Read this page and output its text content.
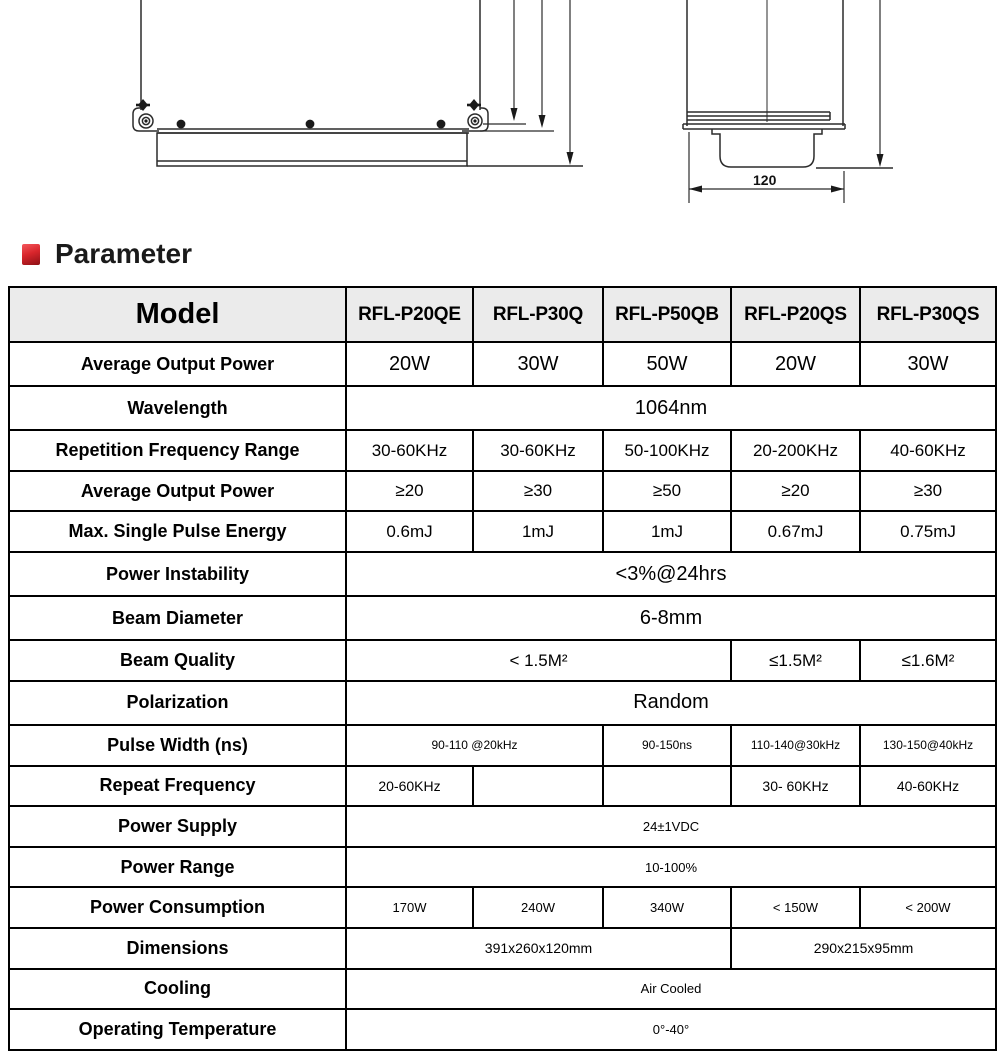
120
Parameter
Model	RFL-P20QE	RFL-P30Q	RFL-P50QB	RFL-P20QS	RFL-P30QS
Average Output Power	20W	30W	50W	20W	30W
Wavelength	1064nm				
Repetition Frequency Range	30-60KHz	30-60KHz	50-100KHz	20-200KHz	40-60KHz
Average Output Power	≥20	≥30	≥50	≥20	≥30
Max. Single Pulse Energy	0.6mJ	1mJ	1mJ	0.67mJ	0.75mJ
Power Instability	<3%@24hrs				
Beam Diameter	6-8mm				
Beam Quality	< 1.5M²			≤1.5M²	≤1.6M²
Polarization	Random				
Pulse Width (ns)	90-110 @20kHz		90-150ns	110-140@30kHz	130-150@40kHz
Repeat Frequency	20-60KHz			30- 60KHz	40-60KHz
Power Supply	24±1VDC				
Power Range	10-100%				
Power Consumption	170W	240W	340W	< 150W	< 200W
Dimensions	391x260x120mm			290x215x95mm	
Cooling	Air Cooled				
Operating Temperature	0°-40°				
